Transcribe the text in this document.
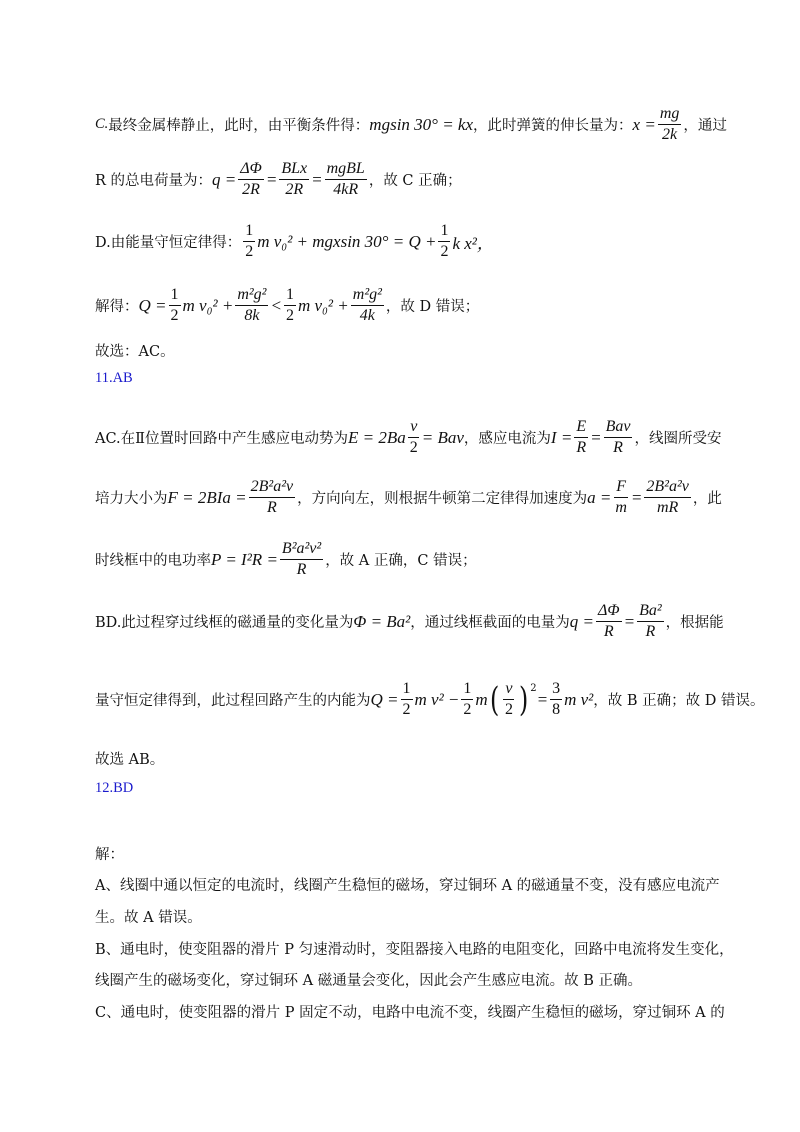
C. 最终金属棒静止，此时，由平衡条件得： mgsin 30° = kx ，此时弹簧的伸长量为： $x = \frac{mg}{2k}$ ，通过
R 的总电荷量为： $q = \frac{\Delta\Phi}{2R} = \frac{\text{BLx}}{2R} = \frac{\text{mgBL}}{4kR}$ ，故 C 正确；
D.由能量守恒定律得： $\frac{1}{2}$ m v₀² + mgxsin $30^\circ = Q + \frac{1}{2}$ k x²，
解得： $Q = \frac{1}{2}$ m $v_0^2 + \frac{\text{m²g²}}{8k} < \frac{1}{2}$ m $v_0^2 + \frac{\text{m²g²}}{4k}$ ，故 D 错误；
故选：AC。
11.AB
AC.在Ⅱ位置时回路中产生感应电动势为 $E = 2Ba \frac{v}{2}$ = Bav ，感应电流为 $I = \frac{E}{R} = \frac{\text{Bav}}{R}$ ，线圈所受安
培力大小为 $F = 2BIa = \frac{\text{2B²a²v}}{R}$ ，方向向左，则根据牛顿第二定律得加速度为 $a = \frac{F}{m} = \frac{\text{2B²a²v}}{mR}$ ，此
时线框中的电功率 $P = I^2R = \frac{\text{B²a²v²}}{R}$ ，故 A 正确，C 错误；
BD.此过程穿过线框的磁通量的变化量为 Φ = Ba² ，通过线框截面的电量为 $q = \frac{\Delta\Phi}{R} = \frac{\text{Ba²}}{R}$ ，根据能
量守恒定律得到，此过程回路产生的内能为 $Q = \frac{1}{2}$ m $v^2 - \frac{1}{2}$ m ( $\frac{v}{2}$ ) 2
= $\frac{3}{8}$ m v² ，故 B 正确；故 D 错误。
故选 AB。
12.BD
解：
A、线圈中通以恒定的电流时，线圈产生稳恒的磁场，穿过铜环 A 的磁通量不变，没有感应电流产
生。故 A 错误。
B、通电时，使变阻器的滑片 P 匀速滑动时，变阻器接入电路的电阻变化，回路中电流将发生变化，
线圈产生的磁场变化，穿过铜环 A 磁通量会变化，因此会产生感应电流。故 B 正确。
C、通电时，使变阻器的滑片 P 固定不动，电路中电流不变，线圈产生稳恒的磁场，穿过铜环 A 的
